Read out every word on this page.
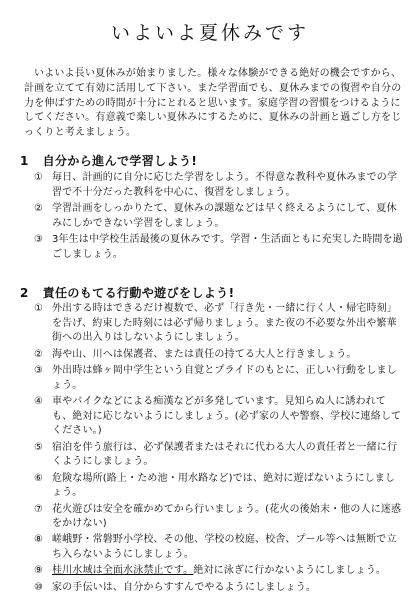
いよいよ夏休みです
いよいよ長い夏休みが始まりました。様々な体験ができる絶好の機会ですから、計画を立てて有効に活用して下さい。また学習面でも、夏休みまでの復習や自分の力を伸ばすための時間が十分にとれると思います。家庭学習の習慣をつけるようにしてください。有意義で楽しい夏休みにするために、夏休みの計画と過ごし方をじっくりと考えましょう。
1 自分から進んで学習しよう!
① 毎日、計画的に自分に応じた学習をしよう。不得意な教科や夏休みまでの学習で不十分だった教科を中心に、復習をしましょう。
② 学習計画をしっかりたて、夏休みの課題などは早く終えるようにして、夏休みにしかできない学習をしましょう。
③ 3年生は中学校生活最後の夏休みです。学習・生活面ともに充実した時間を過ごしましょう。
2 責任のもてる行動や遊びをしよう!
① 外出する時はできるだけ複数で、必ず「行き先・一緒に行く人・帰宅時刻」を告げ、約束した時刻には必ず帰りましょう。また夜の不必要な外出や繁華街への出入りはしないようにしましょう。
② 海や山、川へは保護者、または責任の持てる大人と行きましょう。
③ 外出時は蜂ヶ岡中学生という自覚とプライドのもとに、正しい行動をしましょう。
④ 車やバイクなどによる痴漢などが多発しています。見知らぬ人に誘われても、絶対に応じないようにしましょう。(必ず家の人や警察、学校に連絡してください。)
⑤ 宿泊を伴う旅行は、必ず保護者またはそれに代わる大人の責任者と一緒に行くようにしましょう。
⑥ 危険な場所(路上・ため池・用水路など)では、絶対に遊ばないようにしましょう。
⑦ 花火遊びは安全を確かめてから行いましょう。(花火の後始末・他の人に迷惑をかけない)
⑧ 嵯峨野・常磐野小学校、その他、学校の校庭、校舎、プール等へは無断で立ち入らないようにしましょう。
⑨ 桂川水域は全面水泳禁止です。絶対に泳ぎに行かないようにしましょう。
⑩ 家の手伝いは、自分からすすんでやるようにしましょう。
